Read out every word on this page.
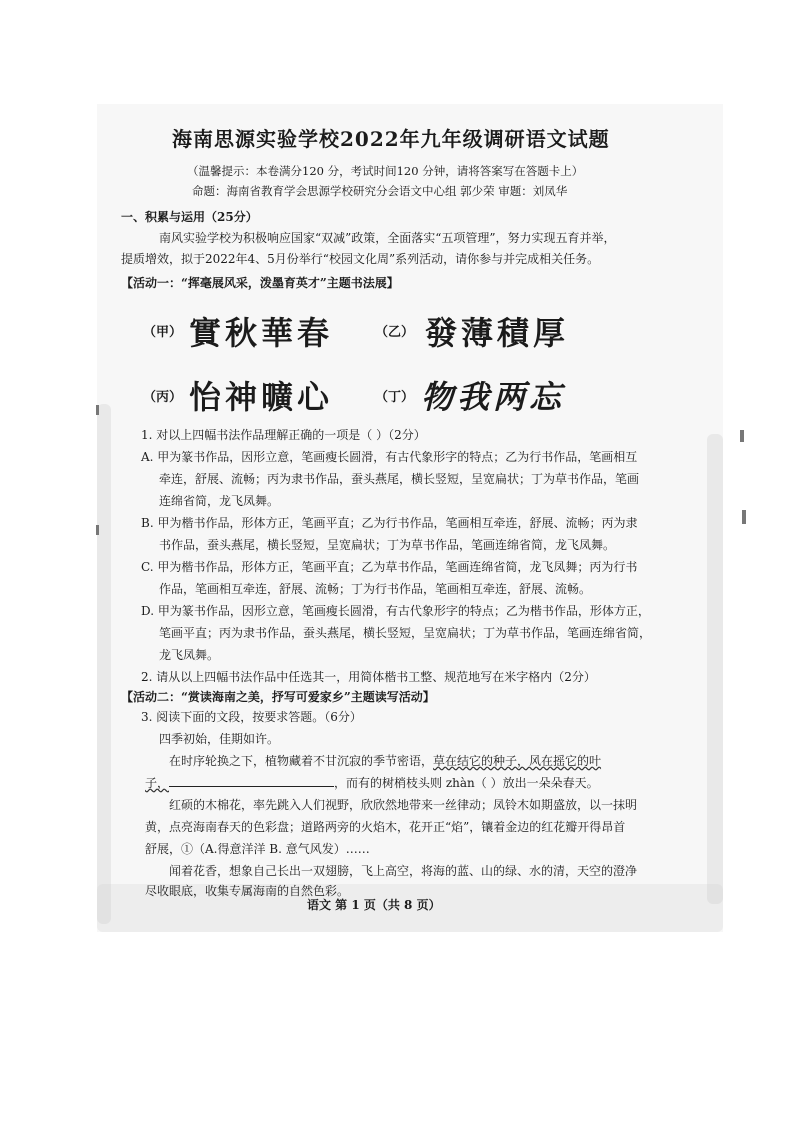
海南思源实验学校2022年九年级调研语文试题
（温馨提示：本卷满分120 分，考试时间120 分钟，请将答案写在答题卡上）
命题：海南省教育学会思源学校研究分会语文中心组 郭少荣 审题：刘凤华
一、积累与运用（25分）
南风实验学校为积极响应国家“双减”政策，全面落实“五项管理”，努力实现五育并举，
提质增效，拟于2022年4、5月份举行“校园文化周”系列活动，请你参与并完成相关任务。
【活动一：“挥毫展风采，泼墨育英才”主题书法展】
（甲） 實秋華春	（乙） 發薄積厚
（丙） 怡神曠心	（丁） 物我两忘
1. 对以上四幅书法作品理解正确的一项是（ ）（2分）
A. 甲为篆书作品，因形立意，笔画瘦长圆滑，有古代象形字的特点；乙为行书作品，笔画相互
牵连，舒展、流畅；丙为隶书作品，蚕头燕尾，横长竖短，呈宽扁状；丁为草书作品，笔画
连绵省简，龙飞凤舞。
B. 甲为楷书作品，形体方正，笔画平直；乙为行书作品，笔画相互牵连，舒展、流畅；丙为隶
书作品，蚕头燕尾，横长竖短，呈宽扁状；丁为草书作品，笔画连绵省简，龙飞凤舞。
C. 甲为楷书作品，形体方正，笔画平直；乙为草书作品，笔画连绵省简，龙飞凤舞；丙为行书
作品，笔画相互牵连，舒展、流畅；丁为行书作品，笔画相互牵连，舒展、流畅。
D. 甲为篆书作品，因形立意，笔画瘦长圆滑，有古代象形字的特点；乙为楷书作品，形体方正，
笔画平直；丙为隶书作品，蚕头燕尾，横长竖短，呈宽扁状；丁为草书作品，笔画连绵省简，
龙飞凤舞。
2. 请从以上四幅书法作品中任选其一，用简体楷书工整、规范地写在米字格内（2分）
【活动二：“赏读海南之美，抒写可爱家乡”主题读写活动】
3. 阅读下面的文段，按要求答题。（6分）
四季初始，佳期如许。
在时序轮换之下，植物藏着不甘沉寂的季节密语，草在结它的种子，风在摇它的叶
子，	，而有的树梢枝头则 zhàn（ ）放出一朵朵春天。
红硕的木棉花，率先跳入人们视野，欣欣然地带来一丝律动；凤铃木如期盛放，以一抹明
黄，点亮海南春天的色彩盘；道路两旁的火焰木，花开正“焰”，镶着金边的红花瓣开得昂首
舒展，①（A.得意洋洋 B. 意气风发）……
闻着花香，想象自己长出一双翅膀，飞上高空，将海的蓝、山的绿、水的清，天空的澄净
尽收眼底，收集专属海南的自然色彩。
语文 第 1 页（共 8 页）
